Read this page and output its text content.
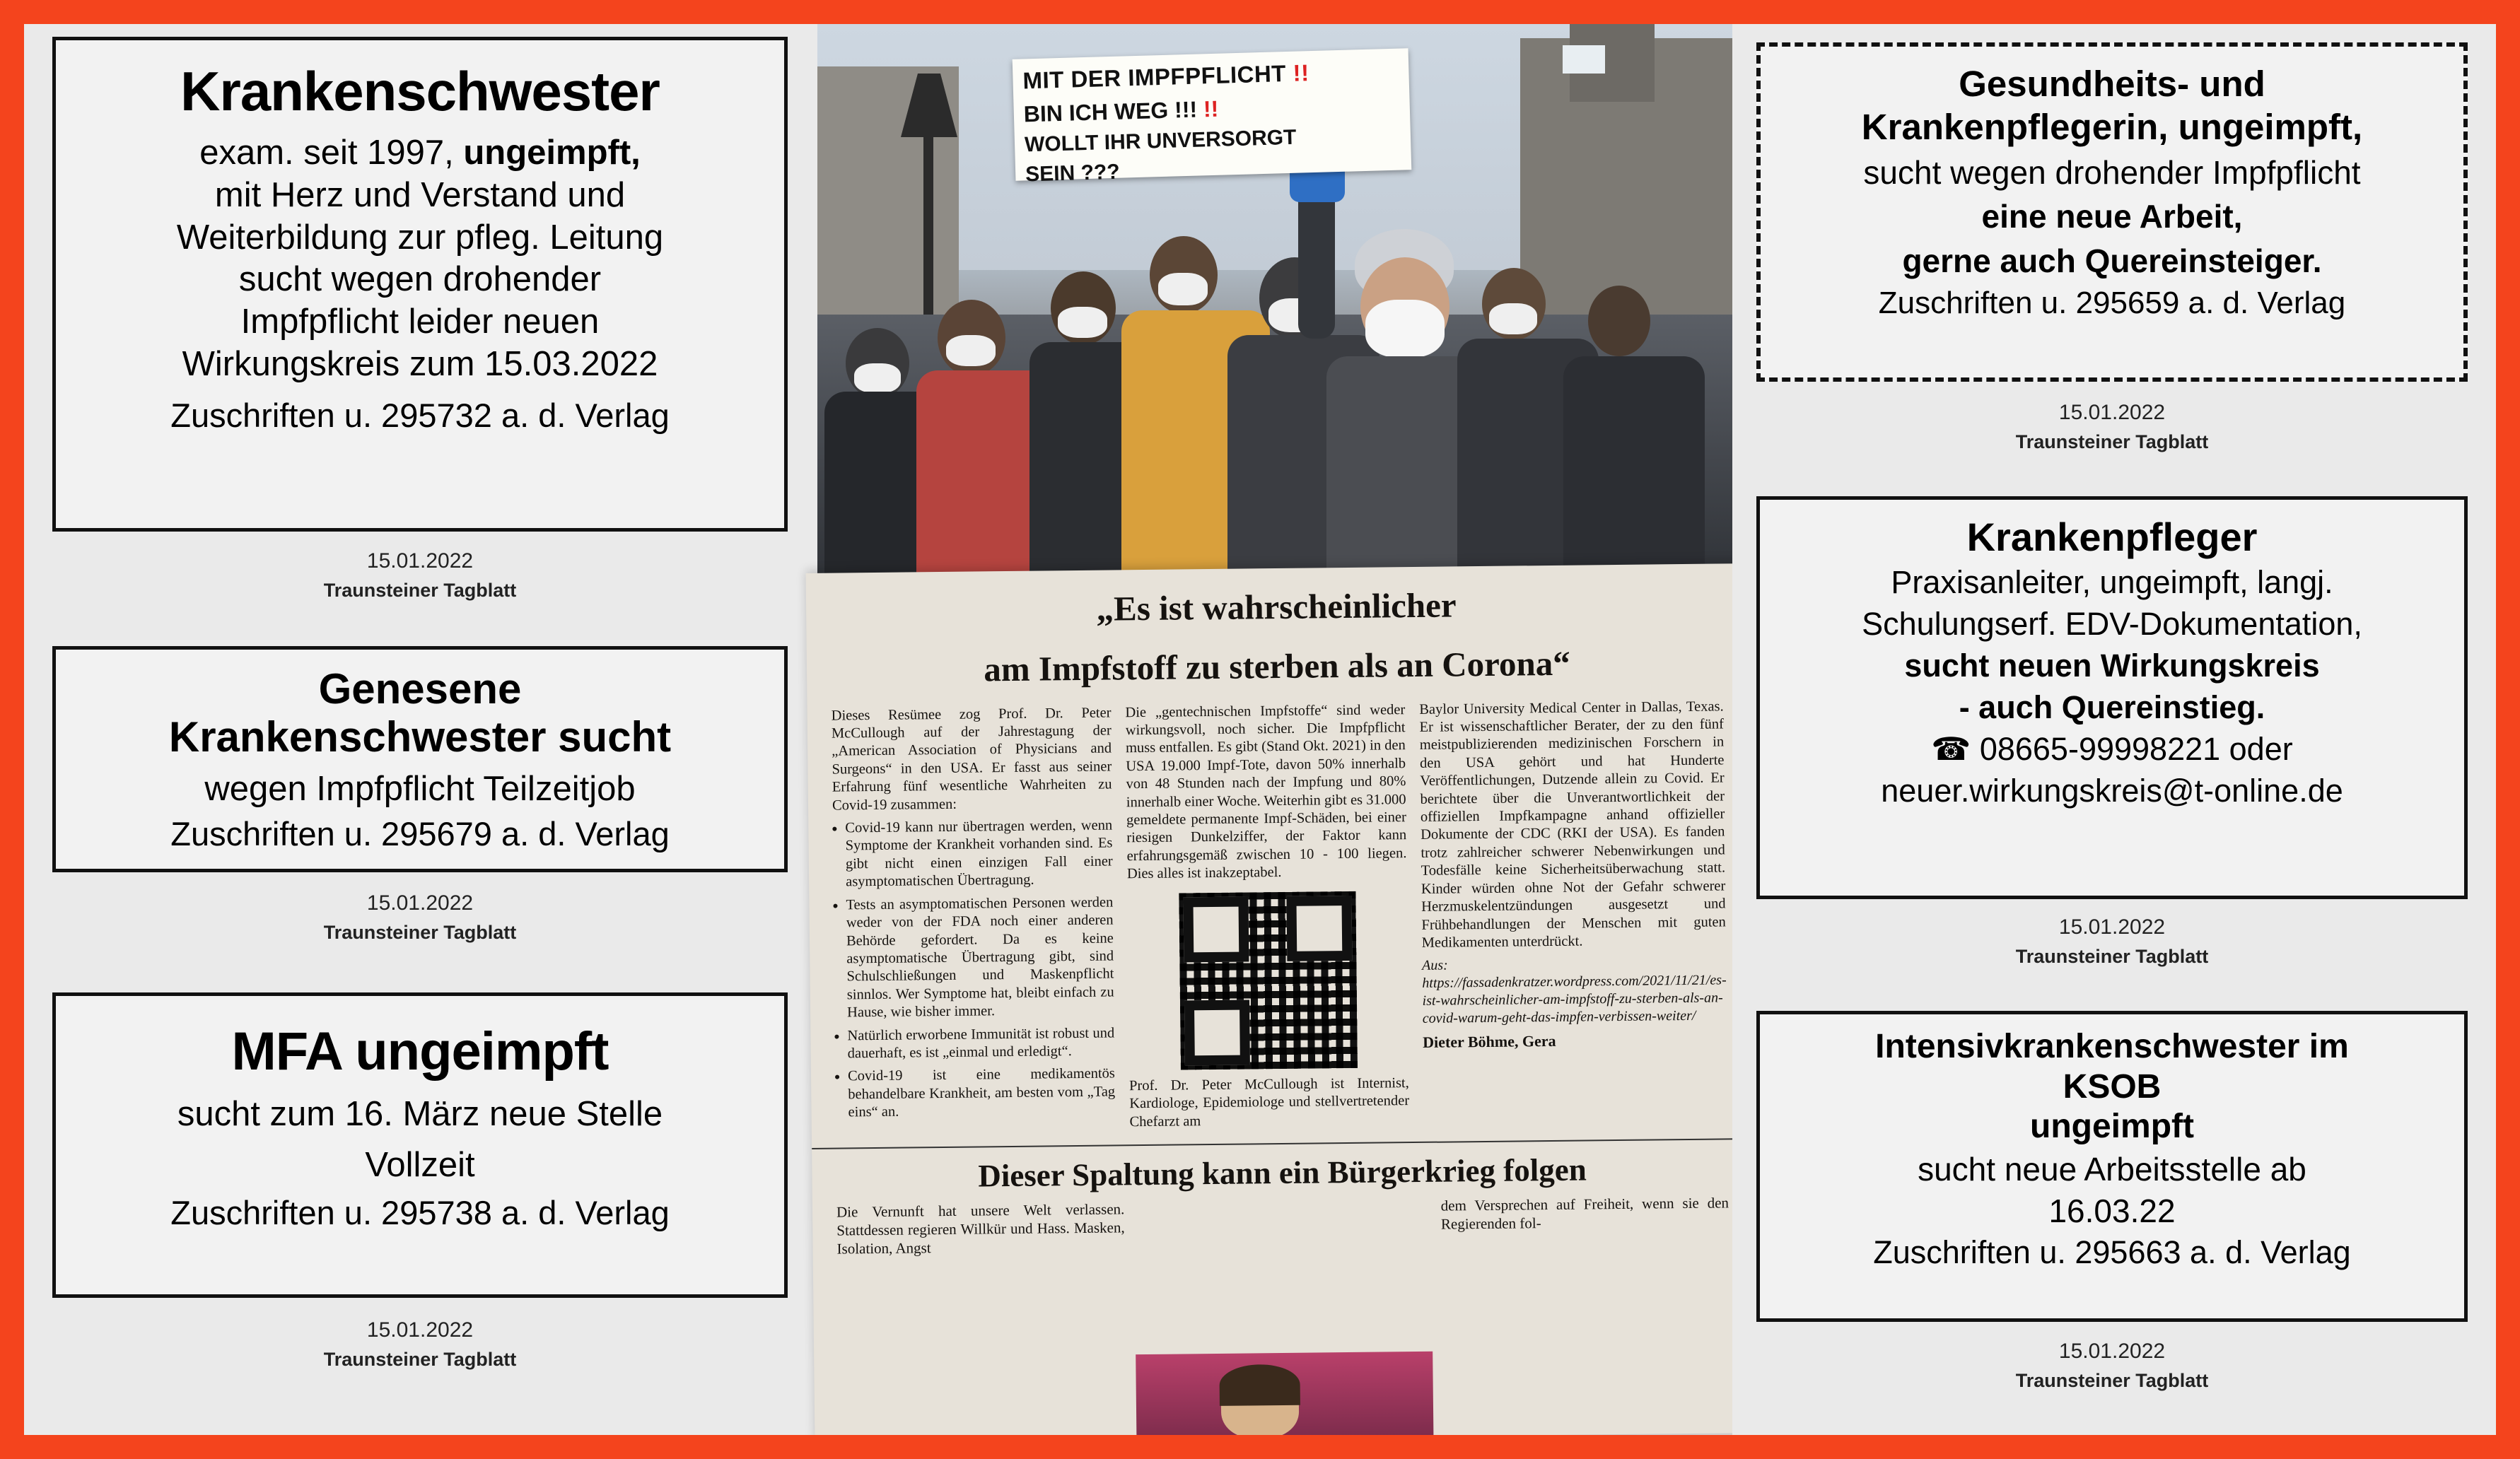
Krankenschwester
exam. seit 1997, ungeimpft,
mit Herz und Verstand und
Weiterbildung zur pfleg. Leitung
sucht wegen drohender
Impfpflicht leider neuen
Wirkungskreis zum 15.03.2022
Zuschriften u. 295732 a. d. Verlag
15.01.2022
Traunsteiner Tagblatt
Genesene
Krankenschwester sucht
wegen Impfpflicht Teilzeitjob
Zuschriften u. 295679 a. d. Verlag
15.01.2022
Traunsteiner Tagblatt
MFA ungeimpft
sucht zum 16. März neue Stelle
Vollzeit
Zuschriften u. 295738 a. d. Verlag
15.01.2022
Traunsteiner Tagblatt
MIT DER IMPFPFLICHT !!
BIN ICH WEG !!! !!
WOLLT IHR UNVERSORGT
SEIN ???
„Es ist wahrscheinlicher
am Impfstoff zu sterben als an Corona“

Dieses Resümee zog Prof. Dr. Peter McCullough auf der Jahrestagung der „American Association of Physicians and Surgeons“ in den USA. Er fasst aus seiner Erfahrung fünf wesentliche Wahrheiten zu Covid-19 zusammen:

• Covid-19 kann nur übertragen werden, wenn Symptome der Krankheit vorhanden sind. Es gibt nicht einen einzigen Fall einer asymptomatischen Übertragung.
• Tests an asymptomatischen Personen werden weder von der FDA noch einer anderen Behörde gefordert. Da es keine asymptomatische Übertragung gibt, sind Schulschließungen und Maskenpflicht sinnlos. Wer Symptome hat, bleibt einfach zu Hause, wie bisher immer.
• Natürlich erworbene Immunität ist robust und dauerhaft, es ist „einmal und erledigt“.
• Covid-19 ist eine medikamentös behandelbare Krankheit, am besten vom „Tag eins“ an.

Die „gentechnischen Impfstoffe“ sind weder wirkungsvoll, noch sicher. Die Impfpflicht muss entfallen. Es gibt (Stand Okt. 2021) in den USA 19.000 Impf-Tote, davon 50% innerhalb von 48 Stunden nach der Impfung und 80% innerhalb einer Woche. Weiterhin gibt es 31.000 gemeldete permanente Impf-Schäden, bei einer riesigen Dunkelziffer, der Faktor kann erfahrungsgemäß zwischen 10 - 100 liegen. Dies alles ist inakzeptabel.

Prof. Dr. Peter McCullough ist Internist, Kardiologe, Epidemiologe und stellvertretender Chefarzt am

Baylor University Medical Center in Dallas, Texas. Er ist wissenschaftlicher Berater, der zu den fünf meistpublizierenden medizinischen Forschern in den USA gehört und hat Hunderte Veröffentlichungen, Dutzende allein zu Covid. Er berichtete über die Unverantwortlichkeit der offiziellen Impfkampagne anhand offizieller Dokumente der CDC (RKI der USA). Es fanden trotz zahlreicher schwerer Nebenwirkungen und Todesfälle keine Sicherheitsüberwachung statt. Kinder würden ohne Not der Gefahr schwerer Herzmuskelentzündungen ausgesetzt und Frühbehandlungen der Menschen mit guten Medikamenten unterdrückt.

Aus: https://fassadenkratzer.wordpress.com/2021/11/21/es-ist-wahrscheinlicher-am-impfstoff-zu-sterben-als-an-covid-warum-geht-das-impfen-verbissen-weiter/

Dieter Böhme, Gera

Dieser Spaltung kann ein Bürgerkrieg folgen
Die Vernunft hat unsere Welt verlassen. Stattdessen regieren Willkür und Hass. Masken, Isolation, Angst
dem Versprechen auf Freiheit, wenn sie den Regierenden fol-
Gesundheits- und
Krankenpflegerin, ungeimpft,
sucht wegen drohender Impfpflicht
eine neue Arbeit,
gerne auch Quereinsteiger.
Zuschriften u. 295659 a. d. Verlag
15.01.2022
Traunsteiner Tagblatt
Krankenpfleger
Praxisanleiter, ungeimpft, langj.
Schulungserf. EDV-Dokumentation,
sucht neuen Wirkungskreis
- auch Quereinstieg.
☎ 08665-99998221 oder
neuer.wirkungskreis@t-online.de
15.01.2022
Traunsteiner Tagblatt
Intensivkrankenschwester im
KSOB
ungeimpft
sucht neue Arbeitsstelle ab
16.03.22
Zuschriften u. 295663 a. d. Verlag
15.01.2022
Traunsteiner Tagblatt
